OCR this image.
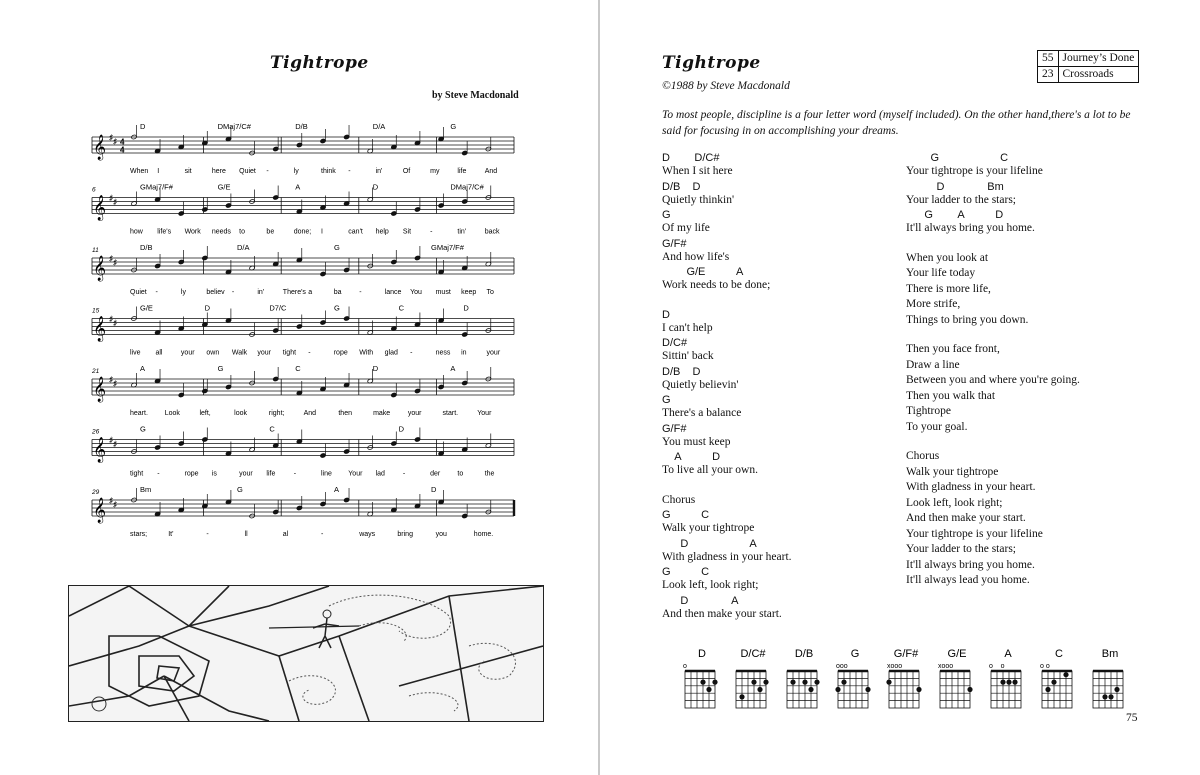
Tightrope
by Steve Macdonald
𝄞 ♯ ♯ 4
4
D	DMaj7/C#	D/B	D/A	G
When I	sit	here Quiet -	ly	think -	in'	Of	my	life	And
𝄞 ♯ ♯
6	GMaj7/F#	G/E	A	D	DMaj7/C#
how life's Work needs to	be	done; I	can't help Sit	-	tin'	back
𝄞 ♯ ♯
11	D/B	D/A	G	GMaj7/F#
Quiet -	ly	believ -	in'	There's a	ba	-	lance You must keep To
𝄞 ♯ ♯
15	G/E	D	D7/C	G	C	D
live all	your own Walk your tight -	rope With glad -	ness in	your
𝄞 ♯ ♯
21	A	G	C	D	A
heart. Look	left,	look	right;	And	then	make	your	start.	Your
𝄞 ♯ ♯
26	G	C	D
tight -	rope is	your life	-	line Your lad	-	der to	the
𝄞 ♯ ♯
29	Bm	G	A	D
stars;	It'	-	ll	al	-	ways	bring	you	home.
Tightrope
©1988 by Steve Macdonald
To most people, discipline is a four letter word (myself included). On the other hand,there's a lot to be said for focusing in on accomplishing your dreams.
55	Journey’s Done
23	Crossroads
D        D/C#
When I sit here
D/B    D
Quietly thinkin'
G
Of my life
G/F#
And how life's
G/E          A
Work needs to be done;
D
I can't help
D/C#
Sittin' back
D/B    D
Quietly believin'
G
There's a balance
G/F#
You must keep
A          D
To live all your own.
Chorus
G          C
Walk your tightrope
D                    A
With gladness in your heart.
G          C
Look left, look right;
D              A
And then make your start.
G                    C
Your tightrope is your lifeline
D              Bm
Your ladder to the stars;
G        A          D
It'll always bring you home.
When you look at
Your life today
There is more life,
More strife,
Things to bring you down.
Then you face front,
Draw a line
Between you and where you're going.
Then you walk that
Tightrope
To your goal.
Chorus
Walk your tightrope
With gladness in your heart.
Look left, look right;
And then make your start.
Your tightrope is your lifeline
Your ladder to the stars;
It'll always bring you home.
It'll always lead you home.
D
o
D/C#	D/B	G
ooo
G/F#
xooo
G/E
xooo
A
o    o
C
o o
Bm
75
